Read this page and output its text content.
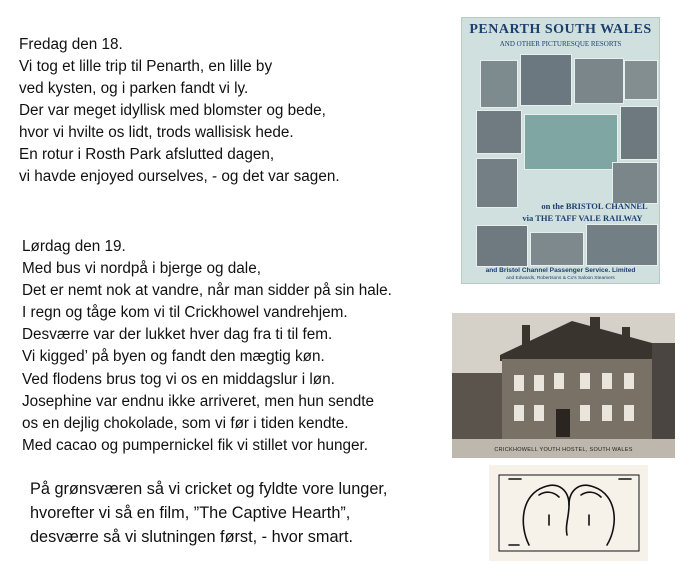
Fredag den 18.

Vi tog et lille trip til Penarth, en lille by

ved kysten, og i parken fandt vi ly.

Der var meget idyllisk med blomster og bede,

hvor vi hvilte os lidt, trods wallisisk hede.

En rotur i Rosth Park afslutted dagen,

vi havde enjoyed ourselves, - og det var sagen.

Lørdag den 19.

Med bus vi nordpå i bjerge og dale,

Det er nemt nok at vandre, når man sidder på sin hale.

I regn og tåge kom vi til Crickhowel vandrehjem.

Desværre var der lukket hver dag fra ti til fem.

Vi kigged’ på byen og fandt den mægtig køn.

Ved flodens brus tog vi os en middagslur i løn.

Josephine var endnu ikke arriveret, men hun sendte

os en dejlig chokolade, som vi før i tiden kendte.

Med cacao og pumpernickel fik vi stillet vor hunger.

På grønsværen så vi cricket og fyldte vore lunger,

hvorefter vi så en film, ”The Captive Hearth”,

desværre så vi slutningen først, - hvor smart.

PENARTH SOUTH WALES
AND OTHER PICTURESQUE RESORTS
on the BRISTOL CHANNEL
via THE TAFF VALE RAILWAY
and Bristol Channel Passenger Service. Limited
and Edwards, Robertsons & Co's Saloon Steamers
CRICKHOWELL YOUTH HOSTEL, SOUTH WALES
